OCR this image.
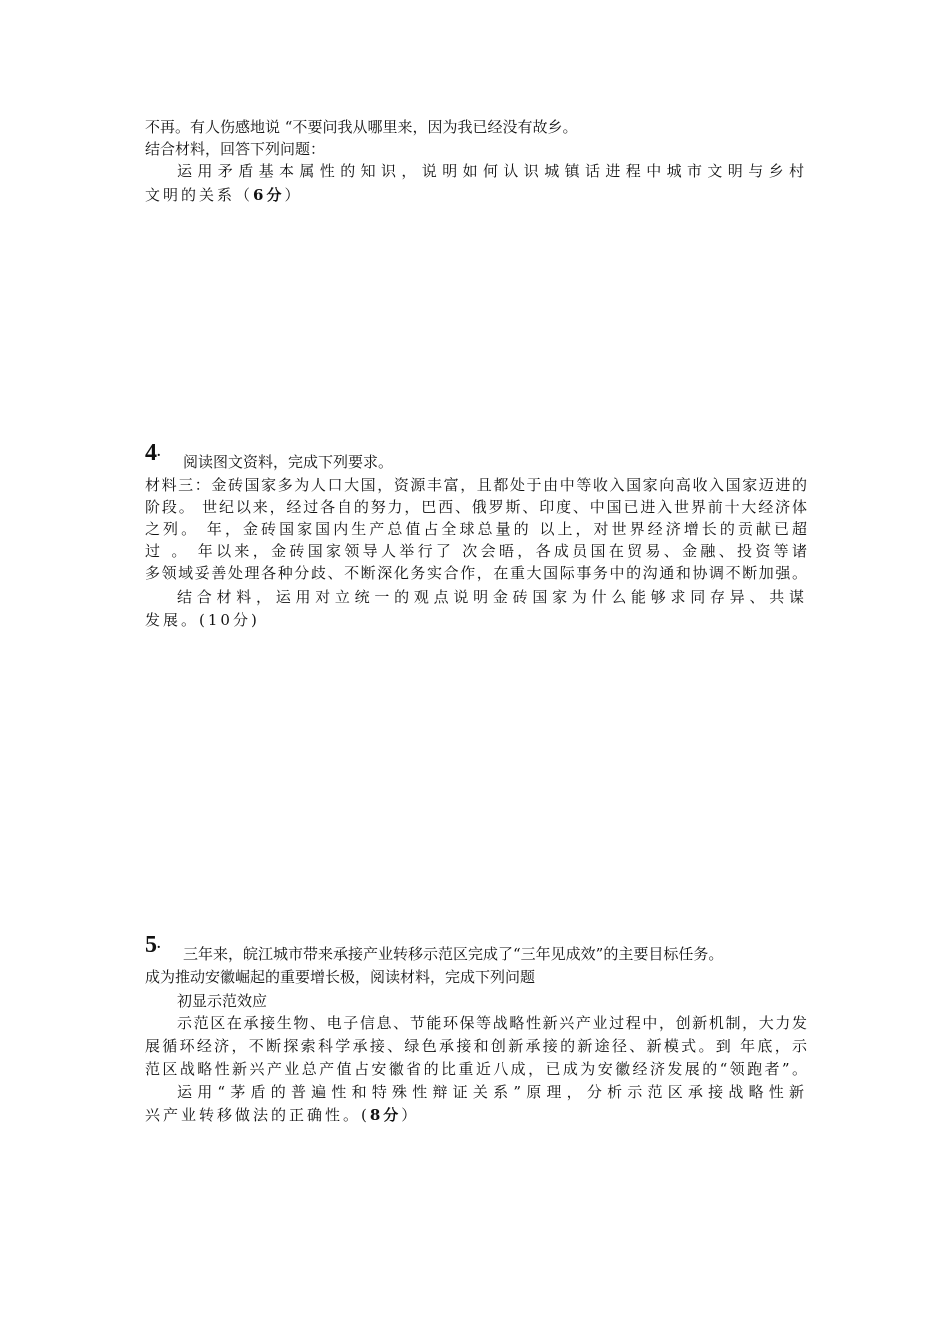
不再。有人伤感地说 “不要问我从哪里来，因为我已经没有故乡。
结合材料，回答下列问题：
运用矛盾基本属性的知识，说明如何认识城镇话进程中城市文明与乡村
文明的关系（6分）
4.
阅读图文资料，完成下列要求。
材料三：金砖国家多为人口大国，资源丰富，且都处于由中等收入国家向高收入国家迈进的
阶段。 世纪以来，经过各自的努力，巴西、俄罗斯、印度、中国已进入世界前十大经济体
之列。 年，金砖国家国内生产总值占全球总量的 以上，对世界经济增长的贡献已超
过 。 年以来，金砖国家领导人举行了 次会晤，各成员国在贸易、金融、投资等诸
多领域妥善处理各种分歧、不断深化务实合作，在重大国际事务中的沟通和协调不断加强。
结合材料，运用对立统一的观点说明金砖国家为什么能够求同存异、共谋
发展。(10分)
5.
三年来，皖江城市带来承接产业转移示范区完成了“三年见成效”的主要目标任务。
成为推动安徽崛起的重要增长极，阅读材料，完成下列问题
初显示范效应
示范区在承接生物、电子信息、节能环保等战略性新兴产业过程中，创新机制，大力发
展循环经济，不断探索科学承接、绿色承接和创新承接的新途径、新模式。到 年底，示
范区战略性新兴产业总产值占安徽省的比重近八成，已成为安徽经济发展的“领跑者”。
运用“茅盾的普遍性和特殊性辩证关系”原理，分析示范区承接战略性新
兴产业转移做法的正确性。(8分）
